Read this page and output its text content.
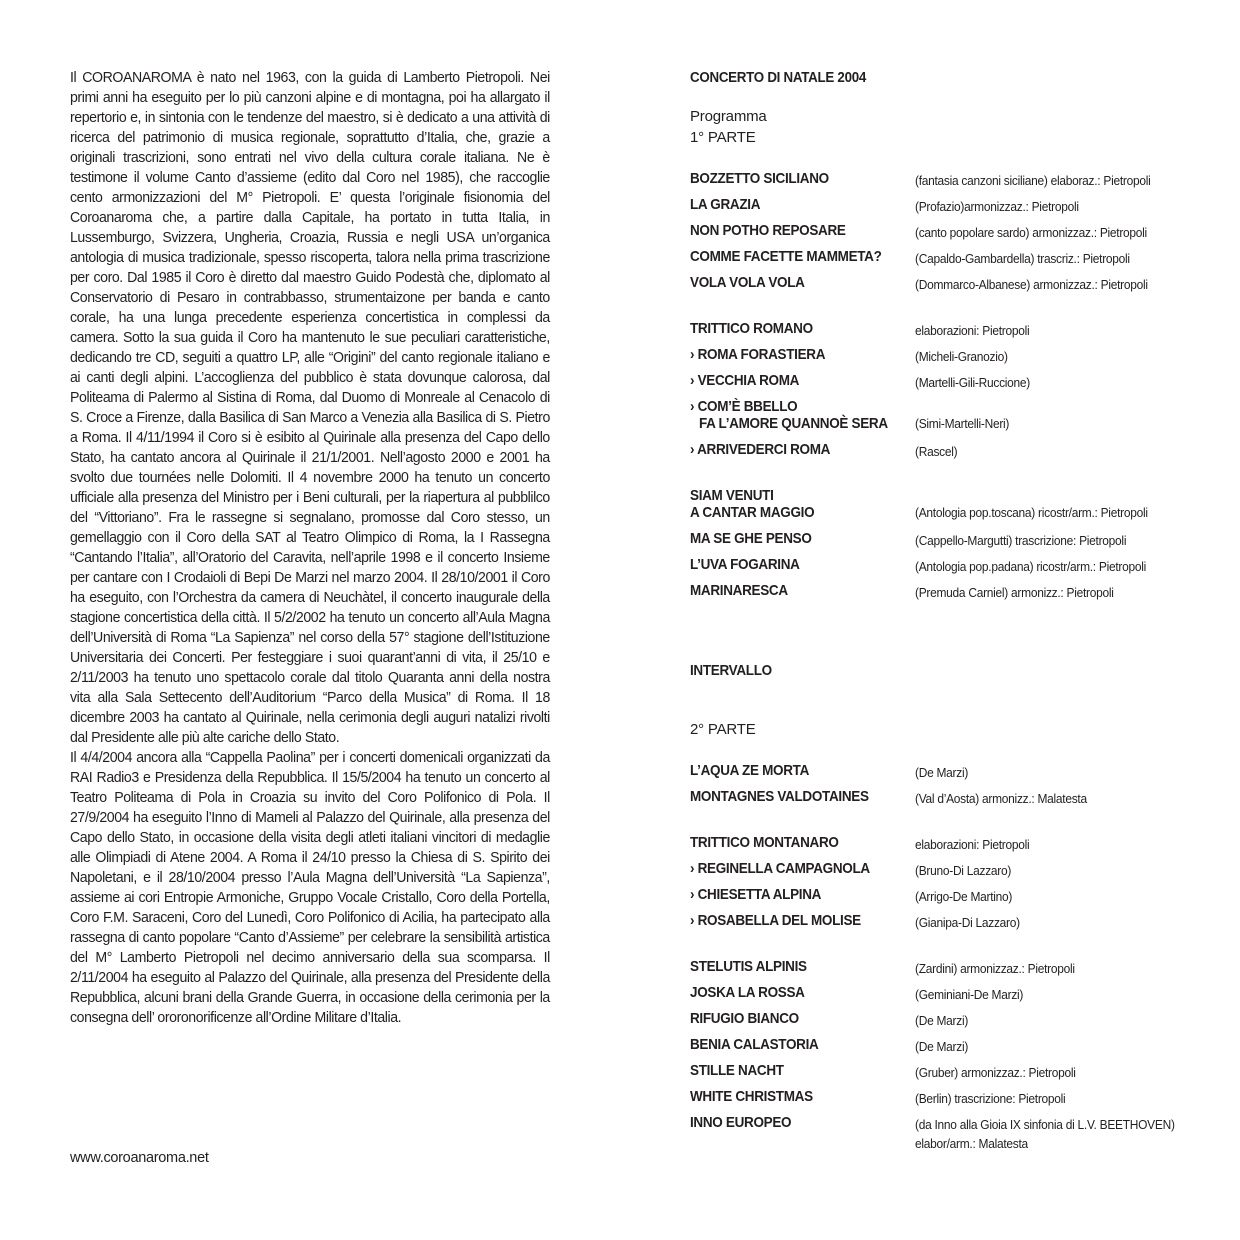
Il COROANAROMA è nato nel 1963, con la guida di Lamberto Pietropoli. Nei primi anni ha eseguito per lo più canzoni alpine e di montagna, poi ha allargato il repertorio e, in sintonia con le tendenze del maestro, si è dedicato a una attività di ricerca del patrimonio di musica regionale, soprattutto d’Italia, che, grazie a originali trascrizioni, sono entrati nel vivo della cultura corale italiana. Ne è testimone il volume Canto d’assieme (edito dal Coro nel 1985), che raccoglie cento armonizzazioni del M° Pietropoli. E’ questa l’originale fisionomia del Coroanaroma che, a partire dalla Capitale, ha portato in tutta Italia, in Lussemburgo, Svizzera, Ungheria, Croazia, Russia e negli USA un’organica antologia di musica tradizionale, spesso riscoperta, talora nella prima trascrizione per coro. Dal 1985 il Coro è diretto dal maestro Guido Podestà che, diplomato al Conservatorio di Pesaro in contrabbasso, strumentaizone per banda e canto corale, ha una lunga precedente esperienza concertistica in complessi da camera. Sotto la sua guida il Coro ha mantenuto le sue peculiari caratteristiche, dedicando tre CD, seguiti a quattro LP, alle “Origini” del canto regionale italiano e ai canti degli alpini. L’accoglienza del pubblico è stata dovunque calorosa, dal Politeama di Palermo al Sistina di Roma, dal Duomo di Monreale al Cenacolo di S. Croce a Firenze, dalla Basilica di San Marco a Venezia alla Basilica di S. Pietro a Roma. Il 4/11/1994 il Coro si è esibito al Quirinale alla presenza del Capo dello Stato, ha cantato ancora al Quirinale il 21/1/2001. Nell’agosto 2000 e 2001 ha svolto due tournées nelle Dolomiti. Il 4 novembre 2000 ha tenuto un concerto ufficiale alla presenza del Ministro per i Beni culturali, per la riapertura al pubblilco del “Vittoriano”. Fra le rassegne si segnalano, promosse dal Coro stesso, un gemellaggio con il Coro della SAT al Teatro Olimpico di Roma, la I Rassegna “Cantando l’Italia”, all’Oratorio del Caravita, nell’aprile 1998 e il concerto Insieme per cantare con I Crodaioli di Bepi De Marzi nel marzo 2004. Il 28/10/2001 il Coro ha eseguito, con l’Orchestra da camera di Neuchàtel, il concerto inaugurale della stagione concertistica della città. Il 5/2/2002 ha tenuto un concerto all’Aula Magna dell’Università di Roma “La Sapienza” nel corso della 57° stagione dell’Istituzione Universitaria dei Concerti. Per festeggiare i suoi quarant’anni di vita, il 25/10 e 2/11/2003 ha tenuto uno spettacolo corale dal titolo Quaranta anni della nostra vita alla Sala Settecento dell’Auditorium “Parco della Musica” di Roma. Il 18 dicembre 2003 ha cantato al Quirinale, nella cerimonia degli auguri natalizi rivolti dal Presidente alle più alte cariche dello Stato.

Il 4/4/2004 ancora alla “Cappella Paolina” per i concerti domenicali organizzati da RAI Radio3 e Presidenza della Repubblica. Il 15/5/2004 ha tenuto un concerto al Teatro Politeama di Pola in Croazia su invito del Coro Polifonico di Pola. Il 27/9/2004 ha eseguito l’Inno di Mameli al Palazzo del Quirinale, alla presenza del Capo dello Stato, in occasione della visita degli atleti italiani vincitori di medaglie alle Olimpiadi di Atene 2004. A Roma il 24/10 presso la Chiesa di S. Spirito dei Napoletani, e il 28/10/2004 presso l’Aula Magna dell’Università “La Sapienza”, assieme ai cori Entropie Armoniche, Gruppo Vocale Cristallo, Coro della Portella, Coro F.M. Saraceni, Coro del Lunedì, Coro Polifonico di Acilia, ha partecipato alla rassegna di canto popolare “Canto d’Assieme” per celebrare la sensibilità artistica del M° Lamberto Pietropoli nel decimo anniversario della sua scomparsa. Il 2/11/2004 ha eseguito al Palazzo del Quirinale, alla presenza del Presidente della Repubblica, alcuni brani della Grande Guerra, in occasione della cerimonia per la consegna dell’ ororonorificenze all’Ordine Militare d’Italia.

www.coroanaroma.net
CONCERTO DI NATALE 2004
Programma
1° PARTE
BOZZETTO SICILIANO	(fantasia canzoni siciliane) elaboraz.: Pietropoli
LA GRAZIA	(Profazio)armonizzaz.: Pietropoli
NON POTHO REPOSARE	(canto popolare sardo) armonizzaz.: Pietropoli
COMME FACETTE MAMMETA?	(Capaldo-Gambardella) trascriz.: Pietropoli
VOLA VOLA VOLA	(Dommarco-Albanese) armonizzaz.: Pietropoli
TRITTICO ROMANO	elaborazioni: Pietropoli
› ROMA FORASTIERA	(Micheli-Granozio)
› VECCHIA ROMA	(Martelli-Gili-Ruccione)
› COM’È BBELLO
FA L’AMORE QUANNOÈ SERA (Simi-Martelli-Neri)
› ARRIVEDERCI ROMA	(Rascel)
SIAM VENUTI
A CANTAR MAGGIO	(Antologia pop.toscana) ricostr/arm.: Pietropoli
MA SE GHE PENSO	(Cappello-Margutti) trascrizione: Pietropoli
L’UVA FOGARINA	(Antologia pop.padana) ricostr/arm.: Pietropoli
MARINARESCA	(Premuda Carniel) armonizz.: Pietropoli
INTERVALLO
2° PARTE
L’AQUA ZE MORTA	(De Marzi)
MONTAGNES VALDOTAINES	(Val d’Aosta) armonizz.: Malatesta
TRITTICO MONTANARO	elaborazioni: Pietropoli
› REGINELLA CAMPAGNOLA	(Bruno-Di Lazzaro)
› CHIESETTA ALPINA	(Arrigo-De Martino)
› ROSABELLA DEL MOLISE	(Gianipa-Di Lazzaro)
STELUTIS ALPINIS	(Zardini) armonizzaz.: Pietropoli
JOSKA LA ROSSA	(Geminiani-De Marzi)
RIFUGIO BIANCO	(De Marzi)
BENIA CALASTORIA	(De Marzi)
STILLE NACHT	(Gruber) armonizzaz.: Pietropoli
WHITE CHRISTMAS	(Berlin) trascrizione: Pietropoli
INNO EUROPEO	(da Inno alla Gioia IX sinfonia di L.V. BEETHOVEN)
elabor/arm.: Malatesta
